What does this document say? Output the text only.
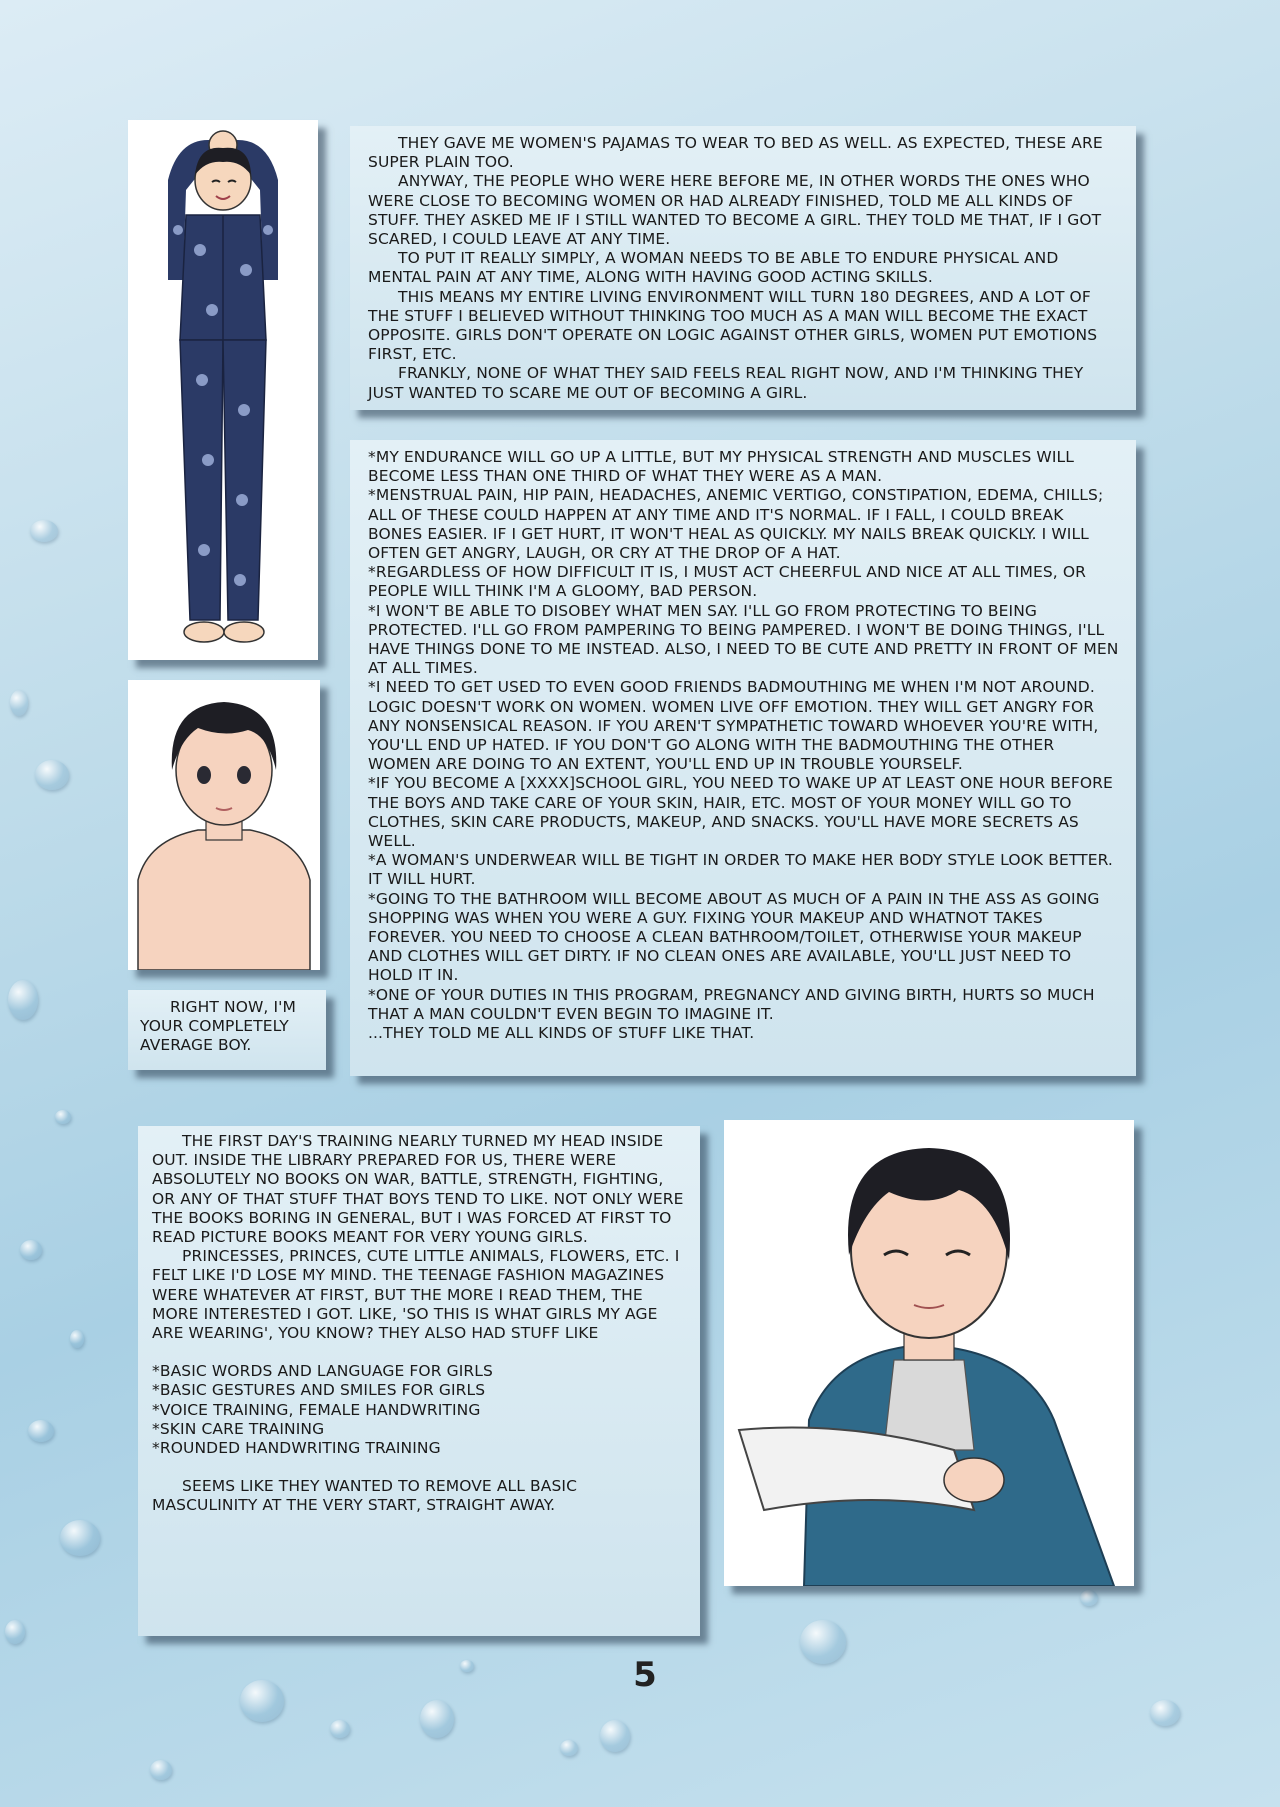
RIGHT NOW, I'M YOUR COMPLETELY AVERAGE BOY.

THEY GAVE ME WOMEN'S PAJAMAS TO WEAR TO BED AS WELL. AS EXPECTED, THESE ARE SUPER PLAIN TOO.

ANYWAY, THE PEOPLE WHO WERE HERE BEFORE ME, IN OTHER WORDS THE ONES WHO WERE CLOSE TO BECOMING WOMEN OR HAD ALREADY FINISHED, TOLD ME ALL KINDS OF STUFF. THEY ASKED ME IF I STILL WANTED TO BECOME A GIRL. THEY TOLD ME THAT, IF I GOT SCARED, I COULD LEAVE AT ANY TIME.

TO PUT IT REALLY SIMPLY, A WOMAN NEEDS TO BE ABLE TO ENDURE PHYSICAL AND MENTAL PAIN AT ANY TIME, ALONG WITH HAVING GOOD ACTING SKILLS.

THIS MEANS MY ENTIRE LIVING ENVIRONMENT WILL TURN 180 DEGREES, AND A LOT OF THE STUFF I BELIEVED WITHOUT THINKING TOO MUCH AS A MAN WILL BECOME THE EXACT OPPOSITE. GIRLS DON'T OPERATE ON LOGIC AGAINST OTHER GIRLS, WOMEN PUT EMOTIONS FIRST, ETC.

FRANKLY, NONE OF WHAT THEY SAID FEELS REAL RIGHT NOW, AND I'M THINKING THEY JUST WANTED TO SCARE ME OUT OF BECOMING A GIRL.

*MY ENDURANCE WILL GO UP A LITTLE, BUT MY PHYSICAL STRENGTH AND MUSCLES WILL BECOME LESS THAN ONE THIRD OF WHAT THEY WERE AS A MAN.

*MENSTRUAL PAIN, HIP PAIN, HEADACHES, ANEMIC VERTIGO, CONSTIPATION, EDEMA, CHILLS; ALL OF THESE COULD HAPPEN AT ANY TIME AND IT'S NORMAL. IF I FALL, I COULD BREAK BONES EASIER. IF I GET HURT, IT WON'T HEAL AS QUICKLY. MY NAILS BREAK QUICKLY. I WILL OFTEN GET ANGRY, LAUGH, OR CRY AT THE DROP OF A HAT.

*REGARDLESS OF HOW DIFFICULT IT IS, I MUST ACT CHEERFUL AND NICE AT ALL TIMES, OR PEOPLE WILL THINK I'M A GLOOMY, BAD PERSON.

*I WON'T BE ABLE TO DISOBEY WHAT MEN SAY. I'LL GO FROM PROTECTING TO BEING PROTECTED. I'LL GO FROM PAMPERING TO BEING PAMPERED. I WON'T BE DOING THINGS, I'LL HAVE THINGS DONE TO ME INSTEAD. ALSO, I NEED TO BE CUTE AND PRETTY IN FRONT OF MEN AT ALL TIMES.

*I NEED TO GET USED TO EVEN GOOD FRIENDS BADMOUTHING ME WHEN I'M NOT AROUND. LOGIC DOESN'T WORK ON WOMEN. WOMEN LIVE OFF EMOTION. THEY WILL GET ANGRY FOR ANY NONSENSICAL REASON. IF YOU AREN'T SYMPATHETIC TOWARD WHOEVER YOU'RE WITH, YOU'LL END UP HATED. IF YOU DON'T GO ALONG WITH THE BADMOUTHING THE OTHER WOMEN ARE DOING TO AN EXTENT, YOU'LL END UP IN TROUBLE YOURSELF.

*IF YOU BECOME A [XXXX]SCHOOL GIRL, YOU NEED TO WAKE UP AT LEAST ONE HOUR BEFORE THE BOYS AND TAKE CARE OF YOUR SKIN, HAIR, ETC. MOST OF YOUR MONEY WILL GO TO CLOTHES, SKIN CARE PRODUCTS, MAKEUP, AND SNACKS. YOU'LL HAVE MORE SECRETS AS WELL.

*A WOMAN'S UNDERWEAR WILL BE TIGHT IN ORDER TO MAKE HER BODY STYLE LOOK BETTER. IT WILL HURT.

*GOING TO THE BATHROOM WILL BECOME ABOUT AS MUCH OF A PAIN IN THE ASS AS GOING SHOPPING WAS WHEN YOU WERE A GUY. FIXING YOUR MAKEUP AND WHATNOT TAKES FOREVER. YOU NEED TO CHOOSE A CLEAN BATHROOM/TOILET, OTHERWISE YOUR MAKEUP AND CLOTHES WILL GET DIRTY. IF NO CLEAN ONES ARE AVAILABLE, YOU'LL JUST NEED TO HOLD IT IN.

*ONE OF YOUR DUTIES IN THIS PROGRAM, PREGNANCY AND GIVING BIRTH, HURTS SO MUCH THAT A MAN COULDN'T EVEN BEGIN TO IMAGINE IT.

...THEY TOLD ME ALL KINDS OF STUFF LIKE THAT.

THE FIRST DAY'S TRAINING NEARLY TURNED MY HEAD INSIDE OUT. INSIDE THE LIBRARY PREPARED FOR US, THERE WERE ABSOLUTELY NO BOOKS ON WAR, BATTLE, STRENGTH, FIGHTING, OR ANY OF THAT STUFF THAT BOYS TEND TO LIKE. NOT ONLY WERE THE BOOKS BORING IN GENERAL, BUT I WAS FORCED AT FIRST TO READ PICTURE BOOKS MEANT FOR VERY YOUNG GIRLS.

PRINCESSES, PRINCES, CUTE LITTLE ANIMALS, FLOWERS, ETC. I FELT LIKE I'D LOSE MY MIND. THE TEENAGE FASHION MAGAZINES WERE WHATEVER AT FIRST, BUT THE MORE I READ THEM, THE MORE INTERESTED I GOT. LIKE, 'SO THIS IS WHAT GIRLS MY AGE ARE WEARING', YOU KNOW? THEY ALSO HAD STUFF LIKE

*BASIC WORDS AND LANGUAGE FOR GIRLS

*BASIC GESTURES AND SMILES FOR GIRLS

*VOICE TRAINING, FEMALE HANDWRITING

*SKIN CARE TRAINING

*ROUNDED HANDWRITING TRAINING

SEEMS LIKE THEY WANTED TO REMOVE ALL BASIC MASCULINITY AT THE VERY START, STRAIGHT AWAY.

5
